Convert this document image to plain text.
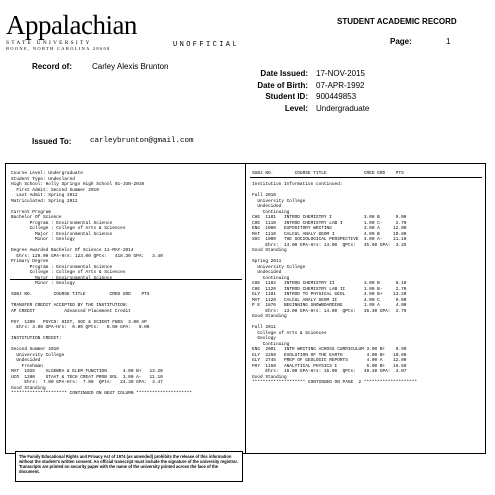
Appalachian
STATE UNIVERSITY
BOONE, NORTH CAROLINA 28608
STUDENT ACADEMIC RECORD
Page:	1
UNOFFICIAL
Record of:	Carley Alexis Brunton
Date Issued: 17-NOV-2015
Date of Birth: 07-APR-1992
Student ID: 900449853
Level: Undergraduate
Issued To: carleybrunton@gmail.com
Course Level: Undergraduate
Student Type: Undeclared
High School: Holly Springs High School 01-JUN-2010
First Admit: Second Summer 2010
Last Admit: Spring 2012
Matriculated: Spring 2012

Current Program
Bachelor Of Science
Program : Environmental Science
College : College of Arts & Sciences
Major : Environmental Science
Minor : Geology

Degree Awarded Bachelor Of Science 11-MAY-2014
Ehrs: 129.00 GPA-Hrs: 123.00 QPts:   418.30 GPA:   3.40
Primary Degree
Program : Environmental Science
College : College of Arts & Sciences
Major : Environmental Science
Minor : Geology

SUBJ NO.        COURSE TITLE         CRED GRD    PTS

TRANSFER CREDIT ACCEPTED BY THE INSTITUTION:
AP CREDIT           Advanced Placement Credit

PSY  1200   PSYCH: HIST, SOC & SCIENT FNDS  3.00 AP
Ehrs: 3.00 GPA-Hrs:  0.00 QPts:   0.00 GPA:   0.00

INSTITUTION CREDIT:

Second Summer 2010
University College
Undecided
Freshman
MAT  1025    ALGEBRA & ELEM FUNCTION      4.00 B+   13.20
UCO  1200    STAAT & TECH CREAT PROB SOL  3.00 A-   11.10
Ehrs:  7.00 GPA-Hrs:  7.00  QPts:   24.30 GPA:  3.47
Good Standing
********************* CONTINUED ON NEXT COLUMN *********************
SUBJ NO.        COURSE TITLE              CRED GRD    PTS

Institution Information continued:

Fall 2010
University College
Undecided
Continuing
CHE  1101   INTROD CHEMISTRY I            3.00 B      9.00
CHE  1110   INTROD CHEMISTRY LAB I        1.00 C-     2.70
ENG  1000   EXPOSITORY WRITING            3.00 A     12.00
MAT  1110   CALCUL ANALY GEOM I           4.00 B     10.80
SOC  1000   THE SOCIOLOGICAL PERSPECTIVE  3.00 A-    11.10
Ehrs:  14.00 GPA-Hrs: 14.00  QPts:   45.60 GPA:  3.25
Good Standing

Spring 2011
University College
Undecided
Continuing
CHE  1102   INTROD CHEMISTRY II           3.00 B      8.10
CHE  1120   INTROD CHEMISTRY LAB II       1.00 B-     2.70
GLY  1101   INTROD TO PHYSICAL GEOL       4.00 B+    13.20
MAT  1120   CALCUL ANALY GEOM II          4.00 C      9.00
P E  1876   BEGINNING SNOWBOARDING        1.00 A      4.00
Ehrs:  13.00 GPA-Hrs: 14.00  QPts:   36.30 GPA:  2.79
Good Standing

Fall 2011
College of Arts & Sciences
Geology
Continuing
ENG  2001   INTR WRITING ACROSS CURRICULUM 3.00 B+    9.90
GLY  2250   EVOLUTION OF THE EARTH         4.00 B+   10.80
GLY  2745   PREP OF GEOLOGIC REPORTS       4.00 A    12.00
PHY  1150   ANALYTICAL PHYSICS I           5.00 B+   16.50
Ehrs:  16.00 GPA-Hrs: 16.00  QPts:   49.20 GPA:  3.07
Good Standing
******************** CONTINUED ON PAGE  2 ********************
The Family Educational Rights and Privacy Act of 1974 (as amended) prohibits the release of this information without the student's written consent. An official transcript must include the signature of the university registrar. Transcripts are printed on security paper with the name of the university printed across the face of the document.
